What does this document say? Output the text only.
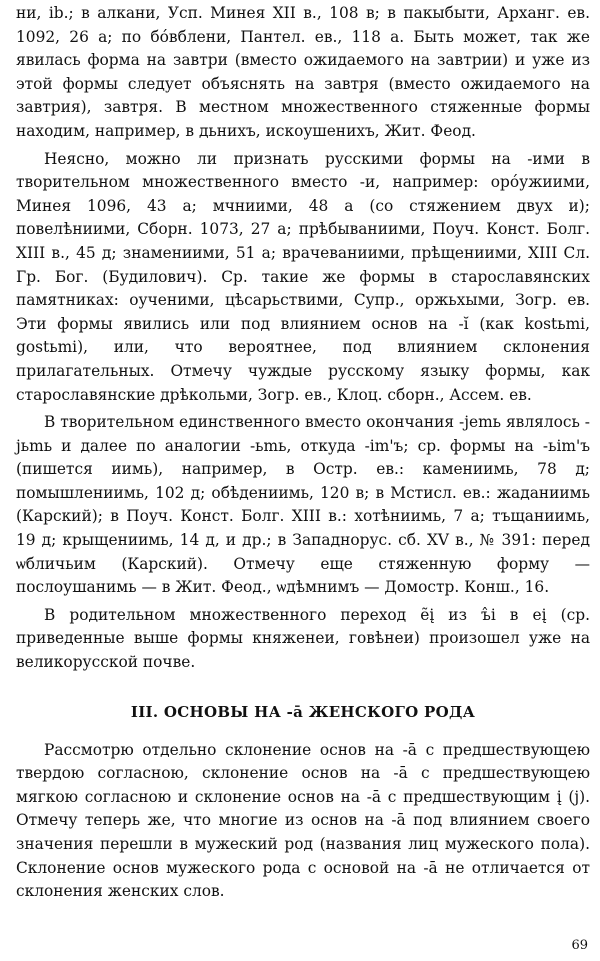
ни, ib.; в алкани, Усп. Минея XII в., 108 в; в пакыбыти, Арханг. ев. 1092, 26 а; по бо́вблени, Пантел. ев., 118 а. Быть может, так же явилась форма на завтри (вместо ожидаемого на завтрии) и уже из этой формы следует объяснять на завтря (вместо ожидаемого на завтрия), завтря. В местном множественного стяженные формы находим, например, в дьнихъ, искоушенихъ, Жит. Феод.

Неясно, можно ли признать русскими формы на -ими в творительном множественного вместо -и, например: оро́ужиими, Минея 1096, 43 а; мчниими, 48 а (со стяжением двух и); повелѣниими, Сборн. 1073, 27 а; прѣбываниими, Поуч. Конст. Болг. XIII в., 45 д; знамениими, 51 а; врачеваниими, прѣщениими, XIII Сл. Гр. Бог. (Будилович). Ср. такие же формы в старославянских памятниках: оученими, цѣсарьствими, Супр., оржьхыми, Зогр. ев. Эти формы явились или под влиянием основ на -ĭ (как kostьmi, gostьmi), или, что вероятнее, под влиянием склонения прилагательных. Отмечу чуждые русскому языку формы, как старославянские дрѣкольми, Зогр. ев., Клоц. сборн., Ассем. ев.

В творительном единственного вместо окончания -jemь являлось -jьmь и далее по аналогии -ьmь, откуда -im'ъ; ср. формы на -ьim'ъ (пишется иимь), например, в Остр. ев.: камениимь, 78 д; помышлениимь, 102 д; обѣдениимь, 120 в; в Мстисл. ев.: жаданиимь (Карский); в Поуч. Конст. Болг. XIII в.: хотѣниимь, 7 а; тъщаниимь, 19 д; крыщениимь, 14 д, и др.; в Западнорус. сб. XV в., № 391: перед ѡбличьим (Карский). Отмечу еще стяженную форму — послоушанимь — в Жит. Феод., ѡдѣмнимъ — Домостр. Конш., 16.

В родительном множественного переход ẽį из ъ̂i в eį (ср. приведенные выше формы княжeнеи, говѣнеи) произошел уже на великорусской почве.

III. ОСНОВЫ НА -ā ЖЕНСКОГО РОДА

Рассмотрю отдельно склонение основ на -ā с предшествующею твердою согласною, склонение основ на -ā с предшествующею мягкою согласною и склонение основ на -ā с предшествующим į (j). Отмечу теперь же, что многие из основ на -ā под влиянием своего значения перешли в мужеский род (названия лиц мужеского пола). Склонение основ мужеского рода с основой на -ā не отличается от склонения женских слов.

69
